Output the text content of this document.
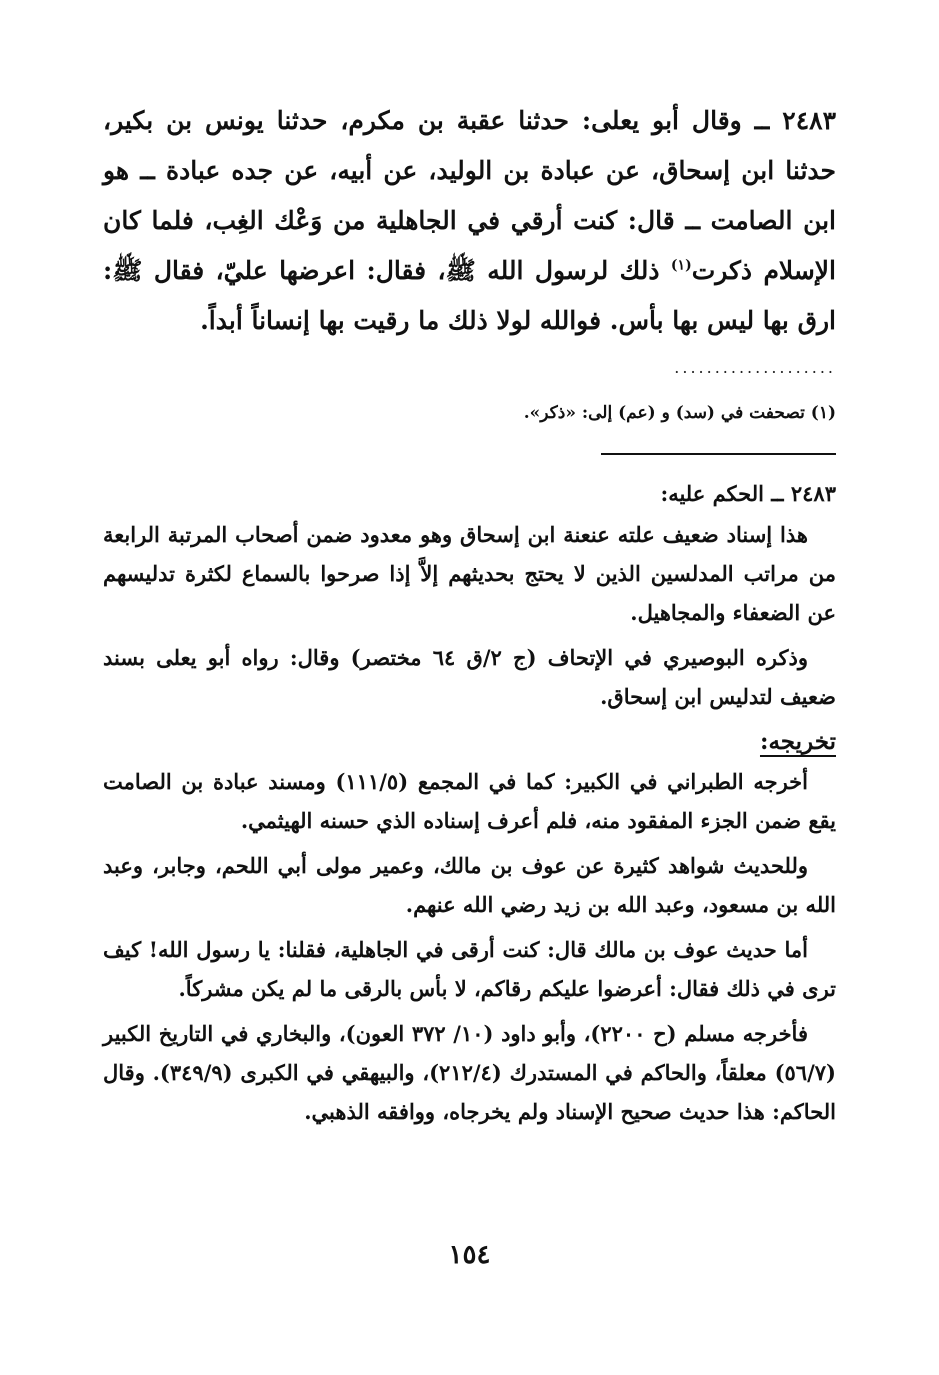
٢٤٨٣ ــ وقال أبو يعلى: حدثنا عقبة بن مكرم، حدثنا يونس بن بكير، حدثنا ابن إسحاق، عن عبادة بن الوليد، عن أبيه، عن جده عبادة ــ هو ابن الصامت ــ قال: كنت أرقي في الجاهلية من وَعْك الغِب، فلما كان الإسلام ذكرت$^{(١)}$ ذلك لرسول الله ﷺ، فقال: اعرضها عليّ، فقال ﷺ: ارق بها ليس بها بأس. فوالله لولا ذلك ما رقيت بها إنساناً أبداً.
....................
(١) تصحفت في (سد) و (عم) إلى: «ذكر».
٢٤٨٣ ــ الحكم عليه:

هذا إسناد ضعيف علته عنعنة ابن إسحاق وهو معدود ضمن أصحاب المرتبة الرابعة من مراتب المدلسين الذين لا يحتج بحديثهم إلاَّ إذا صرحوا بالسماع لكثرة تدليسهم عن الضعفاء والمجاهيل.

وذكره البوصيري في الإتحاف (ج ٢/ق ٦٤ مختصر) وقال: رواه أبو يعلى بسند ضعيف لتدليس ابن إسحاق.

تخريجه:

أخرجه الطبراني في الكبير: كما في المجمع (١١١/٥) ومسند عبادة بن الصامت يقع ضمن الجزء المفقود منه، فلم أعرف إسناده الذي حسنه الهيثمي.

وللحديث شواهد كثيرة عن عوف بن مالك، وعمير مولى أبي اللحم، وجابر، وعبد الله بن مسعود، وعبد الله بن زيد رضي الله عنهم.

أما حديث عوف بن مالك قال: كنت أرقى في الجاهلية، فقلنا: يا رسول الله! كيف ترى في ذلك فقال: أعرضوا عليكم رقاكم، لا بأس بالرقى ما لم يكن مشركاً.

فأخرجه مسلم (ح ٢٢٠٠)، وأبو داود (١٠/ ٣٧٢ العون)، والبخاري في التاريخ الكبير (٥٦/٧) معلقاً، والحاكم في المستدرك (٢١٢/٤)، والبيهقي في الكبرى (٣٤٩/٩). وقال الحاكم: هذا حديث صحيح الإسناد ولم يخرجاه، ووافقه الذهبي.

١٥٤
